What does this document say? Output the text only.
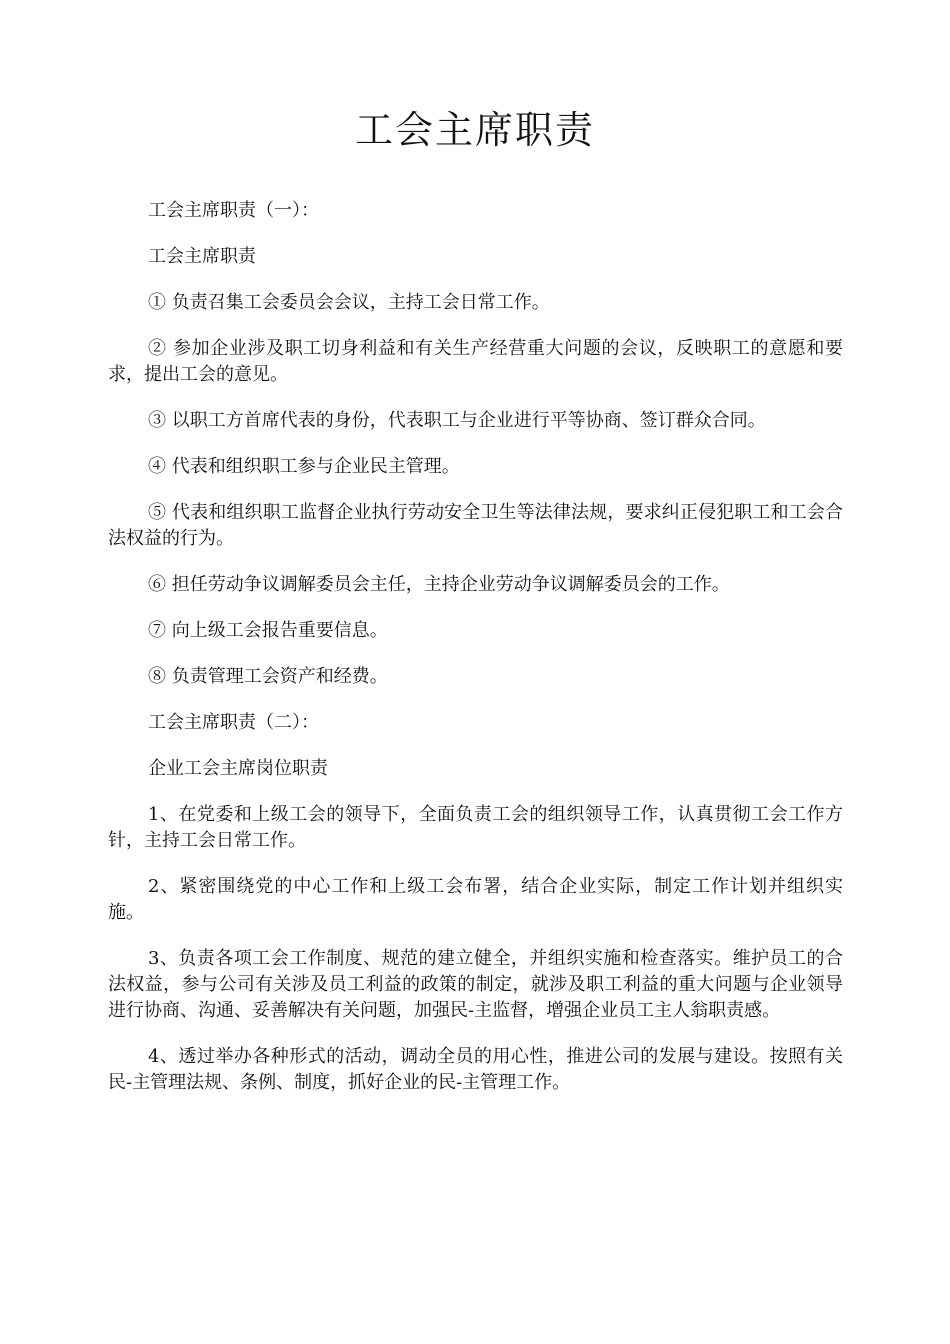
工会主席职责

工会主席职责（一）：

工会主席职责

① 负责召集工会委员会会议，主持工会日常工作。

② 参加企业涉及职工切身利益和有关生产经营重大问题的会议，反映职工的意愿和要求，提出工会的意见。

③ 以职工方首席代表的身份，代表职工与企业进行平等协商、签订群众合同。

④ 代表和组织职工参与企业民主管理。

⑤ 代表和组织职工监督企业执行劳动安全卫生等法律法规，要求纠正侵犯职工和工会合法权益的行为。

⑥ 担任劳动争议调解委员会主任，主持企业劳动争议调解委员会的工作。

⑦ 向上级工会报告重要信息。

⑧ 负责管理工会资产和经费。

工会主席职责（二）：

企业工会主席岗位职责

1、在党委和上级工会的领导下，全面负责工会的组织领导工作，认真贯彻工会工作方针，主持工会日常工作。

2、紧密围绕党的中心工作和上级工会布署，结合企业实际，制定工作计划并组织实施。

3、负责各项工会工作制度、规范的建立健全，并组织实施和检查落实。维护员工的合法权益，参与公司有关涉及员工利益的政策的制定，就涉及职工利益的重大问题与企业领导进行协商、沟通、妥善解决有关问题，加强民-主监督，增强企业员工主人翁职责感。

4、透过举办各种形式的活动，调动全员的用心性，推进公司的发展与建设。按照有关民-主管理法规、条例、制度，抓好企业的民-主管理工作。
